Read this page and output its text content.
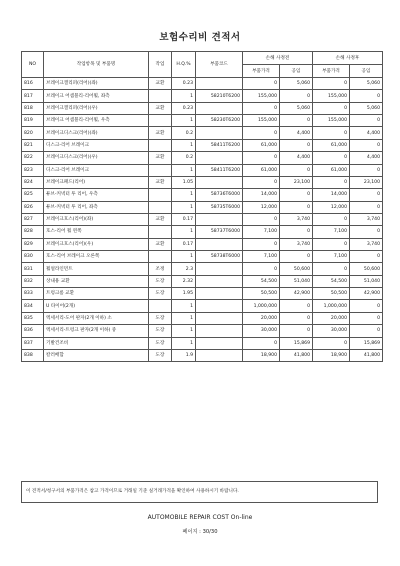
보험수리비 견적서
NO	작업항목 및 부품명	작업	H.Q.%	부품코드	손해 사정전		손해 사정후	
					부품가격	공임	부품가격	공임
816	브레이크캘리퍼(리어)(좌)	교환	0.23		0	5,060	0	5,060
817	브레이크 어셈블리-리어휠, 좌측		1	58210T6200	155,000	0	155,000	0
818	브레이크캘리퍼(리어)(우)	교환	0.23		0	5,060	0	5,060
819	브레이크 어셈블리-리어휠, 우측		1	58230T6200	155,000	0	155,000	0
820	브레이크디스크(리어)(좌)	교환	0.2		0	4,400	0	4,400
821	디스크-리어 브레이크		1	58411T6200	61,000	0	61,000	0
822	브레이크디스크(리어)(우)	교환	0.2		0	4,400	0	4,400
823	디스크-리어 브레이크		1	58411T6200	61,000	0	61,000	0
824	브레이크패드(리어)	교환	1.05		0	23,100	0	23,100
825	튜브-커넥터 투 리어, 우측		1	58736T6000	14,000	0	14,000	0
826	튜브-커넥터 투 리어, 좌측		1	58735T6000	12,000	0	12,000	0
827	브레이크호스(리어)(좌)	교환	0.17		0	3,740	0	3,740
828	호스-리어 휠 왼쪽		1	58737T6000	7,100	0	7,100	0
829	브레이크호스(리어)(우)	교환	0.17		0	3,740	0	3,740
830	호스-리어 브레이크 오른쪽		1	58738T6000	7,100	0	7,100	0
831	휠얼라인먼트	조정	2.3		0	50,600	0	50,600
832	상내용 교환	도장	2.32		54,500	51,040	54,500	51,040
833	트렁크룸 교환	도장	1.95		50,500	42,900	50,500	42,900
834	U 타이어(2개)		1		1,000,000	0	1,000,000	0
835	엑세서리-도어 판자(2개 이하) 소	도장	1		20,000	0	20,000	0
836	엑세서리-트렁크 판자(2개 이하) 중	도장	1		30,000	0	30,000	0
837	기발건조비	도장	1		0	15,869	0	15,869
838	칼러배합	도장	1.9		18,900	41,800	18,900	41,800
이 견적서/청구서의 부품가격은 참고 가격이므로 거래일 기준 실거래가격을 확인하여 사용하시기 바랍니다.
AUTOMOBILE REPAIR COST On-line
페이지 : 30/30
